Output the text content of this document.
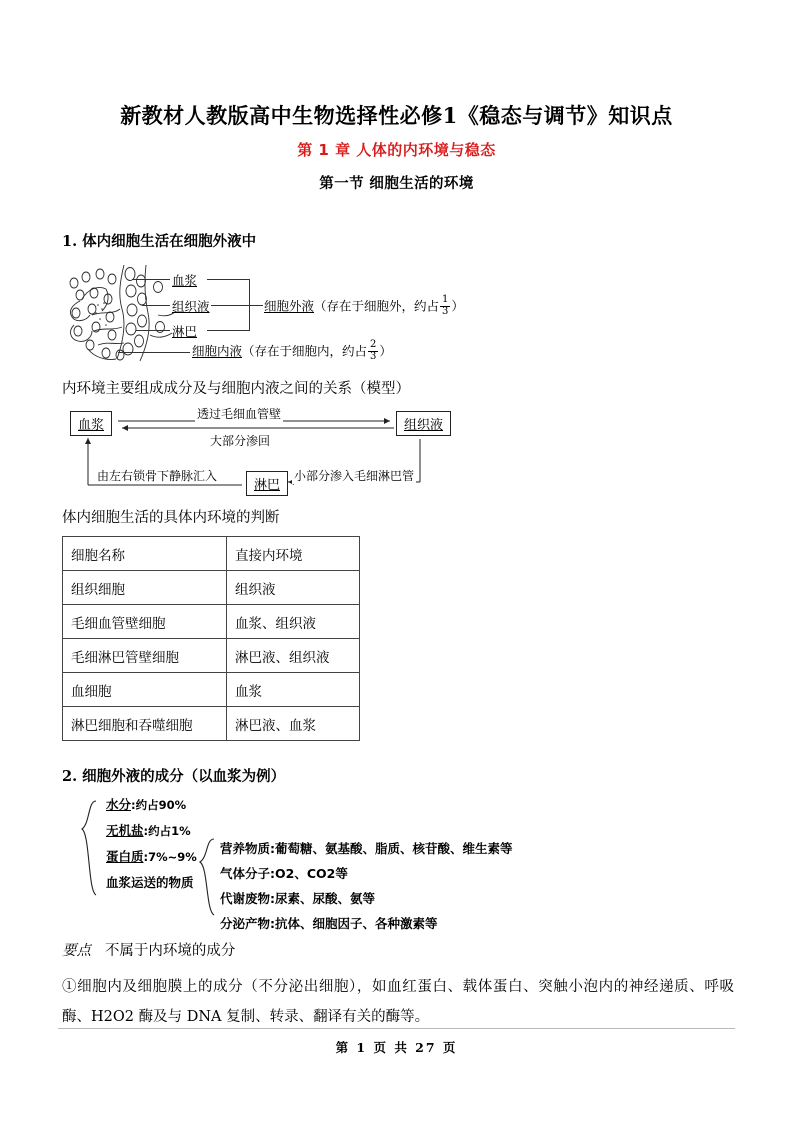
新教材人教版高中生物选择性必修1《稳态与调节》知识点
第 1 章 人体的内环境与稳态
第一节 细胞生活的环境
1. 体内细胞生活在细胞外液中
血浆
组织液
淋巴
细胞外液（存在于细胞外，约占 $\frac{1}{3}$ ）
细胞内液（存在于细胞内，约占 $\frac{2}{3}$ ）
内环境主要组成成分及与细胞内液之间的关系（模型）
血浆	组织液
淋巴
透过毛细血管壁
大部分渗回
由左右锁骨下静脉汇入	小部分渗入毛细淋巴管
体内细胞生活的具体内环境的判断
细胞名称	直接内环境
组织细胞	组织液
毛细血管壁细胞	血浆、组织液
毛细淋巴管壁细胞	淋巴液、组织液
血细胞	血浆
淋巴细胞和吞噬细胞	淋巴液、血浆
2. 细胞外液的成分（以血浆为例）
水分:约占90%
无机盐:约占1%
蛋白质:7%~9%
血浆运送的物质
营养物质:葡萄糖、氨基酸、脂质、核苷酸、维生素等
气体分子:O2、CO2等
代谢废物:尿素、尿酸、氨等
分泌产物:抗体、细胞因子、各种激素等
要点 不属于内环境的成分
①细胞内及细胞膜上的成分（不分泌出细胞），如血红蛋白、载体蛋白、突触小泡内的神经递质、呼吸酶、H2O2 酶及与 DNA 复制、转录、翻译有关的酶等。
第 1 页 共 27 页
